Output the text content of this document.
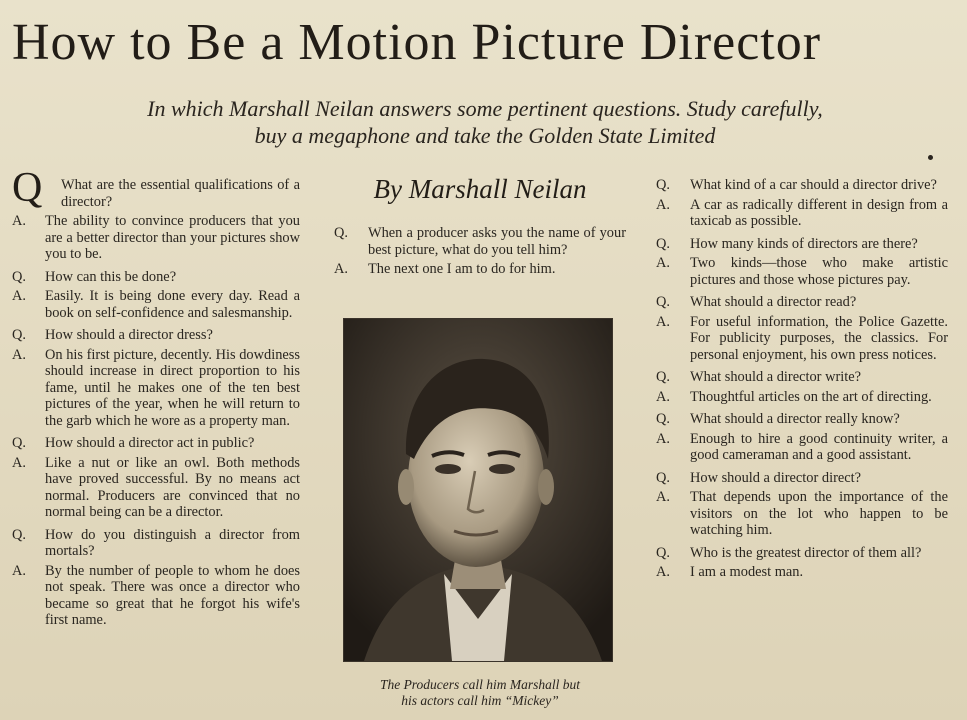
How to Be a Motion Picture Director
In which Marshall Neilan answers some pertinent questions. Study carefully,
buy a megaphone and take the Golden State Limited
Q	What are the essential qualifications of a director?
A.	The ability to convince producers that you are a better director than your pictures show you to be.
Q.	How can this be done?
A.	Easily. It is being done every day. Read a book on self-confidence and salesmanship.
Q.	How should a director dress?
A.	On his first picture, decently. His dowdiness should increase in direct proportion to his fame, until he makes one of the ten best pictures of the year, when he will return to the garb which he wore as a property man.
Q.	How should a director act in public?
A.	Like a nut or like an owl. Both methods have proved successful. By no means act normal. Producers are convinced that no normal being can be a director.
Q.	How do you distinguish a director from mortals?
A.	By the number of people to whom he does not speak. There was once a director who became so great that he forgot his wife's first name.
By Marshall Neilan
Q.	When a producer asks you the name of your best picture, what do you tell him?
A.	The next one I am to do for him.
The Producers call him Marshall but
his actors call him “Mickey”
Q.	What kind of a car should a director drive?
A.	A car as radically different in design from a taxicab as possible.
Q.	How many kinds of directors are there?
A.	Two kinds—those who make artistic pictures and those whose pictures pay.
Q.	What should a director read?
A.	For useful information, the Police Gazette. For publicity purposes, the classics. For personal enjoyment, his own press notices.
Q.	What should a director write?
A.	Thoughtful articles on the art of directing.
Q.	What should a director really know?
A.	Enough to hire a good continuity writer, a good cameraman and a good assistant.
Q.	How should a director direct?
A.	That depends upon the importance of the visitors on the lot who happen to be watching him.
Q.	Who is the greatest director of them all?
A.	I am a modest man.
